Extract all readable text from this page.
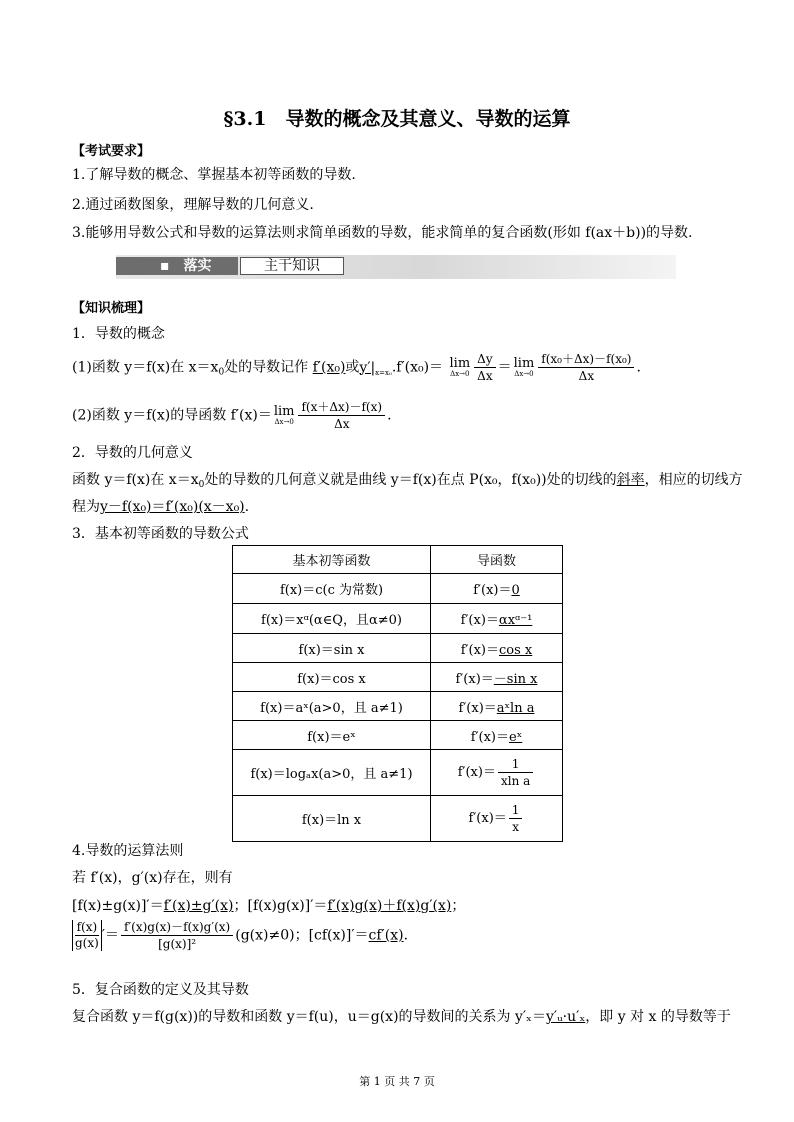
§3.1　导数的概念及其意义、导数的运算
【考试要求】
1.了解导数的概念、掌握基本初等函数的导数.
2.通过函数图象，理解导数的几何意义.
3.能够用导数公式和导数的运算法则求简单函数的导数，能求简单的复合函数(形如 f(ax＋b))的导数.
▪　落实	主干知识
【知识梳理】
1．导数的概念
(1)函数 y＝f(x)在 $x=x_0$处的导数记作 f′(x₀)或$y'|_{x=x_0}.f'(x_0)= \lim$
$\Delta x\to 0 \frac{\Delta y}{\Delta x} = \lim$
$\Delta x\to 0 \frac{\text{f(x₀＋Δx)－f(x₀)}}{\Delta x}$ .
(2)函数 y＝f(x)的导函数 f′(x)＝ lim
$\Delta x\to 0 \frac{f(x+\Delta x)-f(x)}{\Delta x}$ .
2．导数的几何意义
函数 y＝f(x)在 $x=x_0$处的导数的几何意义就是曲线 y＝f(x)在点 P(x₀，f(x₀))处的切线的斜率，相应的切线方
程为y－f(x₀)＝f′(x₀)(x－x₀).
3．基本初等函数的导数公式
基本初等函数	导函数
f(x)＝c(c 为常数)	f′(x)＝0
f(x)＝xᵅ(α∈Q，且α≠0)	f′(x)＝αxᵅ⁻¹
f(x)＝sin x	f′(x)＝cos x
f(x)＝cos x	f′(x)＝－sin x
f(x)＝aˣ(a>0，且 a≠1)	f′(x)＝aˣln a
f(x)＝eˣ	f′(x)＝eˣ
f(x)＝logₐx(a>0，且 a≠1)	$f'(x)= \frac{1}{\text{xln a}}$

f(x)＝ln x	$f'(x)= \frac{1}{x}$
4.导数的运算法则
若 f′(x)，g′(x)存在，则有
[f(x)±g(x)]′＝f′(x)±g′(x)；[f(x)g(x)]′＝f′(x)g(x)＋f(x)g′(x)；
$\frac{f(x)}{g(x)}$ ′＝ $\frac{f'(x)g(x)-f(x)g'(x)}{\text{[g(x)]²}} (g(x)\ne 0)$；[cf(x)]′＝cf′(x).
5．复合函数的定义及其导数
复合函数 y＝f(g(x))的导数和函数 y＝f(u)，u＝g(x)的导数间的关系为 y′ₓ＝y′ᵤ·u′ₓ，即 y 对 x 的导数等于
第 1 页 共 7 页
